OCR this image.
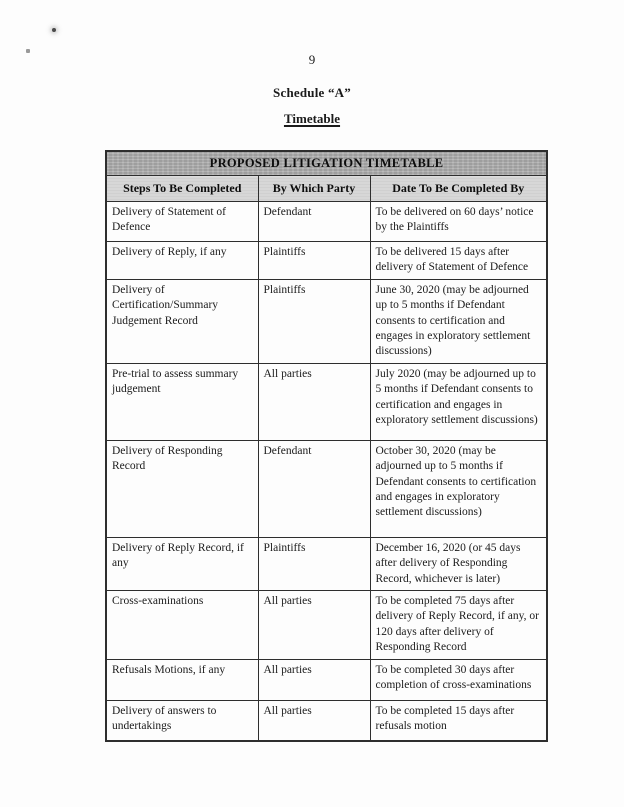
9
Schedule “A”
Timetable
PROPOSED LITIGATION TIMETABLE		
Steps To Be Completed	By Which Party	Date To Be Completed By
Delivery of Statement of Defence	Defendant	To be delivered on 60 days’ notice by the Plaintiffs
Delivery of Reply, if any	Plaintiffs	To be delivered 15 days after delivery of Statement of Defence
Delivery of Certification/Summary Judgement Record	Plaintiffs	June 30, 2020 (may be adjourned up to 5 months if Defendant consents to certification and engages in exploratory settlement discussions)
Pre-trial to assess summary judgement	All parties	July 2020 (may be adjourned up to 5 months if Defendant consents to certification and engages in exploratory settlement discussions)
Delivery of Responding Record	Defendant	October 30, 2020 (may be adjourned up to 5 months if Defendant consents to certification and engages in exploratory settlement discussions)
Delivery of Reply Record, if any	Plaintiffs	December 16, 2020 (or 45 days after delivery of Responding Record, whichever is later)
Cross-examinations	All parties	To be completed 75 days after delivery of Reply Record, if any, or 120 days after delivery of Responding Record
Refusals Motions, if any	All parties	To be completed 30 days after completion of cross-examinations
Delivery of answers to undertakings	All parties	To be completed 15 days after refusals motion
